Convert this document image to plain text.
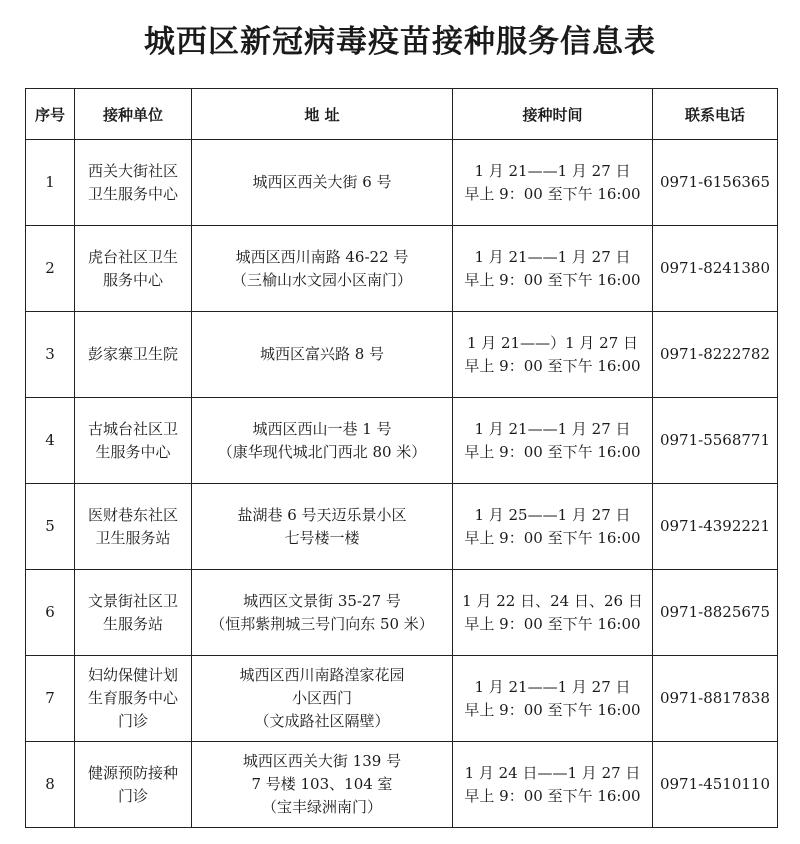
城西区新冠病毒疫苗接种服务信息表
序号	接种单位	地 址	接种时间	联系电话
1	西关大街社区
卫生服务中心	城西区西关大街 6 号	1 月 21——1 月 27 日
早上 9：00 至下午 16:00	0971-6156365
2	虎台社区卫生
服务中心	城西区西川南路 46-22 号
（三榆山水文园小区南门）	1 月 21——1 月 27 日
早上 9：00 至下午 16:00	0971-8241380
3	彭家寨卫生院	城西区富兴路 8 号	1 月 21——）1 月 27 日
早上 9：00 至下午 16:00	0971-8222782
4	古城台社区卫
生服务中心	城西区西山一巷 1 号
（康华现代城北门西北 80 米）	1 月 21——1 月 27 日
早上 9：00 至下午 16:00	0971-5568771
5	医财巷东社区
卫生服务站	盐湖巷 6 号天迈乐景小区
七号楼一楼	1 月 25——1 月 27 日
早上 9：00 至下午 16:00	0971-4392221
6	文景街社区卫
生服务站	城西区文景街 35-27 号
（恒邦紫荆城三号门向东 50 米）	1 月 22 日、24 日、26 日
早上 9：00 至下午 16:00	0971-8825675
7	妇幼保健计划
生育服务中心
门诊	城西区西川南路湟家花园
小区西门
（文成路社区隔壁）	1 月 21——1 月 27 日
早上 9：00 至下午 16:00	0971-8817838
8	健源预防接种
门诊	城西区西关大街 139 号
7 号楼 103、104 室
（宝丰绿洲南门）	1 月 24 日——1 月 27 日
早上 9：00 至下午 16:00	0971-4510110
